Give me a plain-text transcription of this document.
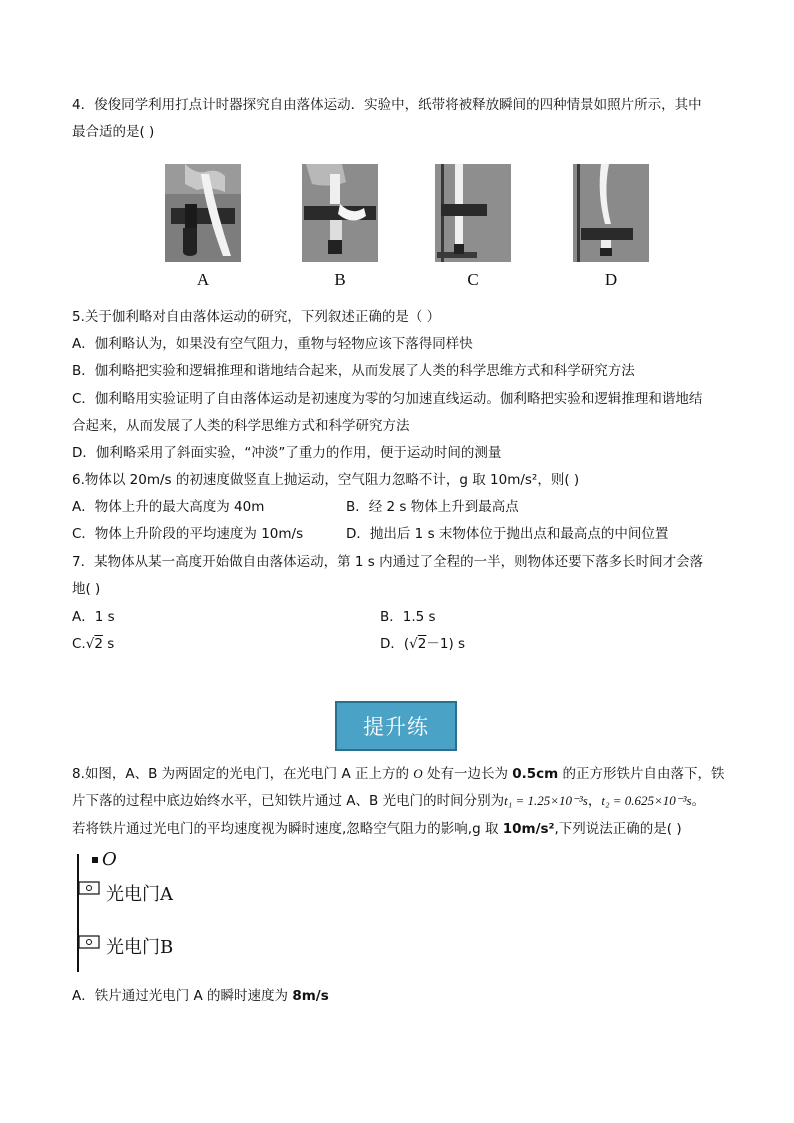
4．俊俊同学利用打点计时器探究自由落体运动．实验中，纸带将被释放瞬间的四种情景如照片所示，其中
最合适的是( )
A	B	C	D
5.关于伽利略对自由落体运动的研究，下列叙述正确的是（ ）
A．伽利略认为，如果没有空气阻力，重物与轻物应该下落得同样快
B．伽利略把实验和逻辑推理和谐地结合起来，从而发展了人类的科学思维方式和科学研究方法
C．伽利略用实验证明了自由落体运动是初速度为零的匀加速直线运动。伽利略把实验和逻辑推理和谐地结
合起来，从而发展了人类的科学思维方式和科学研究方法
D．伽利略采用了斜面实验，“冲淡”了重力的作用，便于运动时间的测量
6.物体以 20m/s 的初速度做竖直上抛运动，空气阻力忽略不计，g 取 10m/s²，则( )
A．物体上升的最大高度为 40m	B．经 2 s 物体上升到最高点
C．物体上升阶段的平均速度为 10m/s	D．抛出后 1 s 末物体位于抛出点和最高点的中间位置
7．某物体从某一高度开始做自由落体运动，第 1 s 内通过了全程的一半，则物体还要下落多长时间才会落
地( )
A．1 s	B．1.5 s
C.√2 s	D．(√2－1) s
提升练
8.如图，A、B 为两固定的光电门，在光电门 A 正上方的 O 处有一边长为 0.5cm 的正方形铁片自由落下，铁
片下落的过程中底边始终水平，已知铁片通过 A、B 光电门的时间分别为t₁ = 1.25×10⁻³s，t₂ = 0.625×10⁻³s。
若将铁片通过光电门的平均速度视为瞬时速度,忽略空气阻力的影响,g 取 10m/s²,下列说法正确的是( )
O
光电门A
光电门B
A．铁片通过光电门 A 的瞬时速度为 8m/s
